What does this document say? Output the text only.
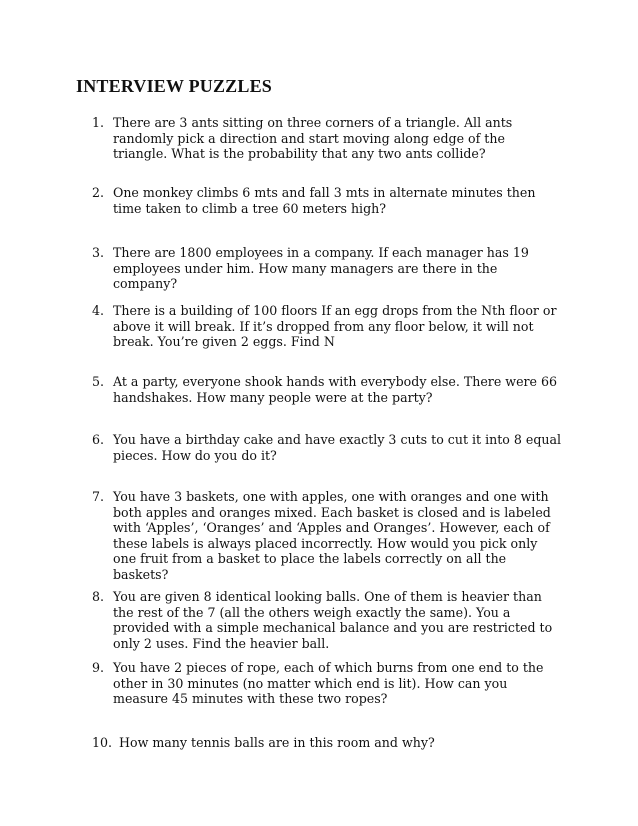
INTERVIEW PUZZLES
1. There are 3 ants sitting on three corners of a triangle. All ants randomly pick a direction and start moving along edge of the triangle. What is the probability that any two ants collide?
2. One monkey climbs 6 mts and fall 3 mts in alternate minutes then time taken to climb a tree 60 meters high?
3. There are 1800 employees in a company. If each manager has 19 employees under him. How many managers are there in the company?
4. There is a building of 100 floors If an egg drops from the Nth floor or above it will break. If it’s dropped from any floor below, it will not break. You’re given 2 eggs. Find N
5. At a party, everyone shook hands with everybody else. There were 66 handshakes. How many people were at the party?
6. You have a birthday cake and have exactly 3 cuts to cut it into 8 equal pieces. How do you do it?
7. You have 3 baskets, one with apples, one with oranges and one with both apples and oranges mixed. Each basket is closed and is labeled with ‘Apples’, ‘Oranges’ and ‘Apples and Oranges’. However, each of these labels is always placed incorrectly. How would you pick only one fruit from a basket to place the labels correctly on all the baskets?
8. You are given 8 identical looking balls. One of them is heavier than the rest of the 7 (all the others weigh exactly the same). You a provided with a simple mechanical balance and you are restricted to only 2 uses. Find the heavier ball.
9. You have 2 pieces of rope, each of which burns from one end to the other in 30 minutes (no matter which end is lit). How can you measure 45 minutes with these two ropes?
10. How many tennis balls are in this room and why?
